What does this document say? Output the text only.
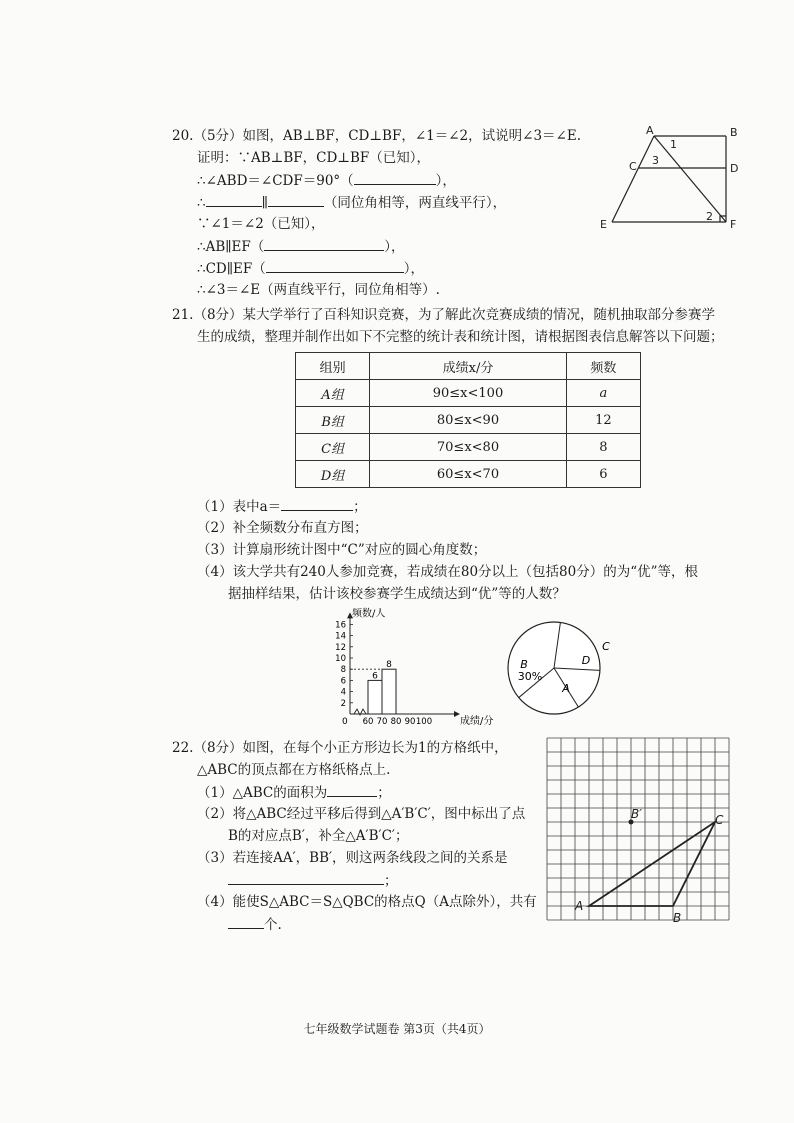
20.（5分）如图，AB⊥BF，CD⊥BF，∠1＝∠2，试说明∠3＝∠E.
证明：∵AB⊥BF，CD⊥BF（已知），
∴∠ABD＝∠CDF＝90°（	），
∴	∥	（同位角相等，两直线平行），
∵∠1＝∠2（已知），
∴AB∥EF（	），
∴CD∥EF（	），
∴∠3＝∠E（两直线平行，同位角相等）.
A	B
C	D
E	F
1
2
3
21.（8分）某大学举行了百科知识竞赛，为了解此次竞赛成绩的情况，随机抽取部分参赛学
生的成绩，整理并制作出如下不完整的统计表和统计图，请根据图表信息解答以下问题；
组别	成绩x/分	频数
A组	90≤x<100	a
B组	80≤x<90	12
C组	70≤x<80	8
D组	60≤x<70	6
（1）表中a＝	；
（2）补全频数分布直方图；
（3）计算扇形统计图中“C”对应的圆心角度数；
（4）该大学共有240人参加竞赛，若成绩在80分以上（包括80分）的为“优”等，根
据抽样结果，估计该校参赛学生成绩达到“优”等的人数？
0
2
4
6
8
10
12
14
16
60 70 80 90 100
6
8
频数/人
成绩/分
A
B
C
D
30%
22.（8分）如图，在每个小正方形边长为1的方格纸中，
△ABC的顶点都在方格纸格点上.
（1）△ABC的面积为	；
（2）将△ABC经过平移后得到△A′B′C′，图中标出了点
B的对应点B′，补全△A′B′C′；
（3）若连接AA′，BB′，则这两条线段之间的关系是
；
（4）能使S△ABC＝S△QBC的格点Q（A点除外），共有
个.
A
B
C
B′
七年级数学试题卷 第3页（共4页）
